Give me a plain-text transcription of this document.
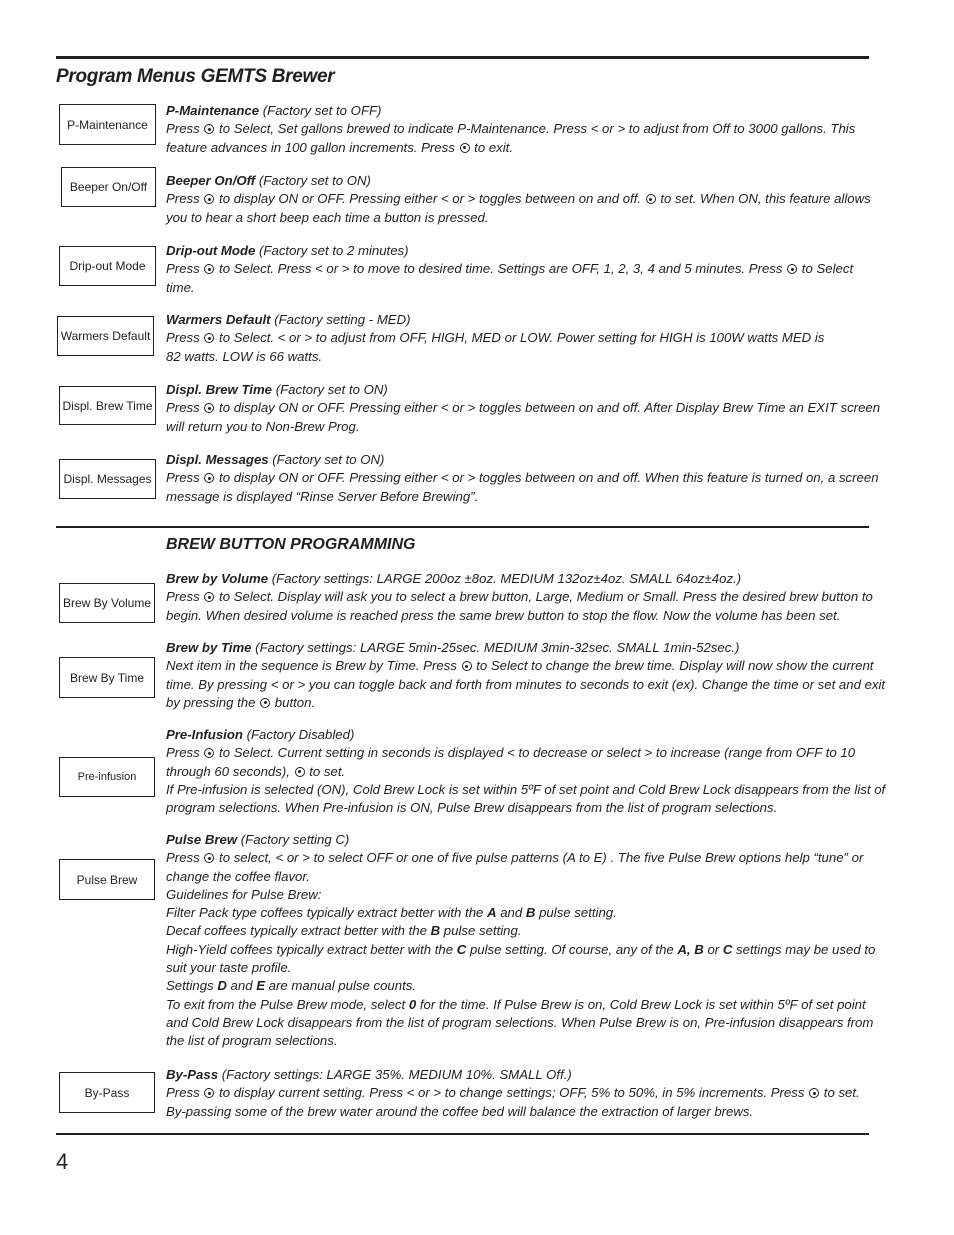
Program Menus GEMTS Brewer
BREW BUTTON PROGRAMMING
4
P-Maintenance
P-Maintenance (Factory set to OFF)
Press  to Select, Set gallons brewed to indicate P-Maintenance. Press < or > to adjust from Off to 3000 gallons. This
feature advances in 100 gallon increments. Press  to exit.
Beeper On/Off	Beeper On/Off (Factory set to ON)
Press  to display ON or OFF. Pressing either < or > toggles between on and off.  to set. When ON, this feature allows
you to hear a short beep each time a button is pressed.
Drip-out Mode
Drip-out Mode (Factory set to 2 minutes)
Press  to Select. Press < or > to move to desired time. Settings are OFF, 1, 2, 3, 4 and 5 minutes. Press  to Select
time.
Warmers Default
Warmers Default (Factory setting - MED)
Press  to Select. < or > to adjust from OFF, HIGH, MED or LOW. Power setting for HIGH is 100W watts MED is
82 watts. LOW is 66 watts.
Displ. Brew Time
Displ. Brew Time (Factory set to ON)
Press  to display ON or OFF. Pressing either < or > toggles between on and off. After Display Brew Time an EXIT screen
will return you to Non-Brew Prog.
Displ. Messages
Displ. Messages (Factory set to ON)
Press  to display ON or OFF. Pressing either < or > toggles between on and off. When this feature is turned on, a screen
message is displayed “Rinse Server Before Brewing”.
Brew By Volume
Brew by Volume (Factory settings: LARGE 200oz ±8oz. MEDIUM 132oz±4oz. SMALL 64oz±4oz.)
Press  to Select. Display will ask you to select a brew button, Large, Medium or Small. Press the desired brew button to
begin. When desired volume is reached press the same brew button to stop the flow. Now the volume has been set.
Brew By Time
Brew by Time (Factory settings: LARGE 5min-25sec. MEDIUM 3min-32sec. SMALL 1min-52sec.)
Next item in the sequence is Brew by Time. Press  to Select to change the brew time. Display will now show the current
time. By pressing < or > you can toggle back and forth from minutes to seconds to exit (ex). Change the time or set and exit
by pressing the  button.
Pre-infusion
Pre-Infusion (Factory Disabled)
Press  to Select. Current setting in seconds is displayed < to decrease or select > to increase (range from OFF to 10
through 60 seconds),  to set.
If Pre-infusion is selected (ON), Cold Brew Lock is set within 5ºF of set point and Cold Brew Lock disappears from the list of
program selections. When Pre-infusion is ON, Pulse Brew disappears from the list of program selections.
Pulse Brew
Pulse Brew (Factory setting C)
Press  to select, < or > to select OFF or one of five pulse patterns (A to E) . The five Pulse Brew options help “tune” or
change the coffee flavor.
Guidelines for Pulse Brew:
Filter Pack type coffees typically extract better with the A and B pulse setting.
Decaf coffees typically extract better with the B pulse setting.
High-Yield coffees typically extract better with the C pulse setting. Of course, any of the A, B or C settings may be used to
suit your taste profile.
Settings D and E are manual pulse counts.
To exit from the Pulse Brew mode, select 0 for the time. If Pulse Brew is on, Cold Brew Lock is set within 5ºF of set point
and Cold Brew Lock disappears from the list of program selections. When Pulse Brew is on, Pre-infusion disappears from
the list of program selections.
By-Pass
By-Pass (Factory settings: LARGE 35%. MEDIUM 10%. SMALL Off.)
Press  to display current setting. Press < or > to change settings; OFF, 5% to 50%, in 5% increments. Press  to set.
By-passing some of the brew water around the coffee bed will balance the extraction of larger brews.
